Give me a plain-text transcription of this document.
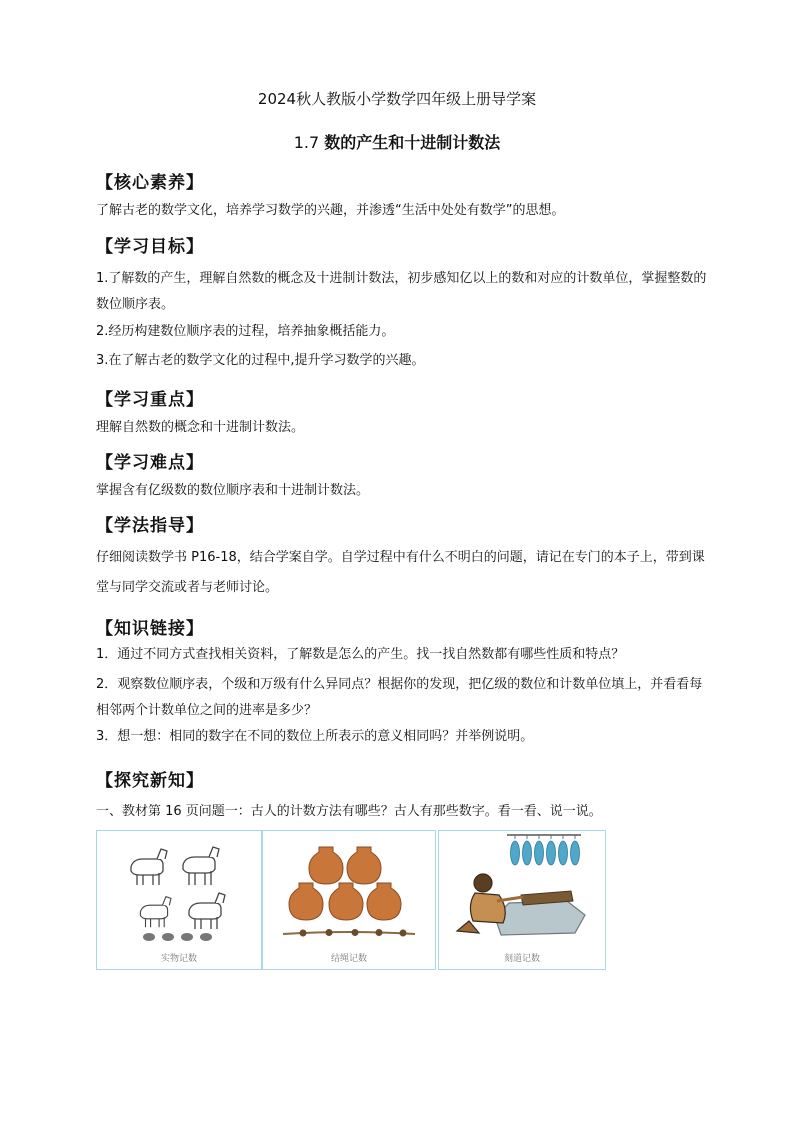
2024秋人教版小学数学四年级上册导学案
1.7 数的产生和十进制计数法
【核心素养】
了解古老的数学文化，培养学习数学的兴趣，并渗透“生活中处处有数学”的思想。
【学习目标】
1.了解数的产生，理解自然数的概念及十进制计数法，初步感知亿以上的数和对应的计数单位，掌握整数的数位顺序表。
2.经历构建数位顺序表的过程，培养抽象概括能力。
3.在了解古老的数学文化的过程中,提升学习数学的兴趣。
【学习重点】
理解自然数的概念和十进制计数法。
【学习难点】
掌握含有亿级数的数位顺序表和十进制计数法。
【学法指导】
仔细阅读数学书 P16-18，结合学案自学。自学过程中有什么不明白的问题，请记在专门的本子上，带到课堂与同学交流或者与老师讨论。
【知识链接】
1．通过不同方式查找相关资料，了解数是怎么的产生。找一找自然数都有哪些性质和特点？
2．观察数位顺序表，个级和万级有什么异同点？根据你的发现，把亿级的数位和计数单位填上，并看看每相邻两个计数单位之间的进率是多少？
3．想一想：相同的数字在不同的数位上所表示的意义相同吗？并举例说明。
【探究新知】
一、教材第 16 页问题一：古人的计数方法有哪些？古人有那些数字。看一看、说一说。
实物记数	结绳记数	刻道记数
